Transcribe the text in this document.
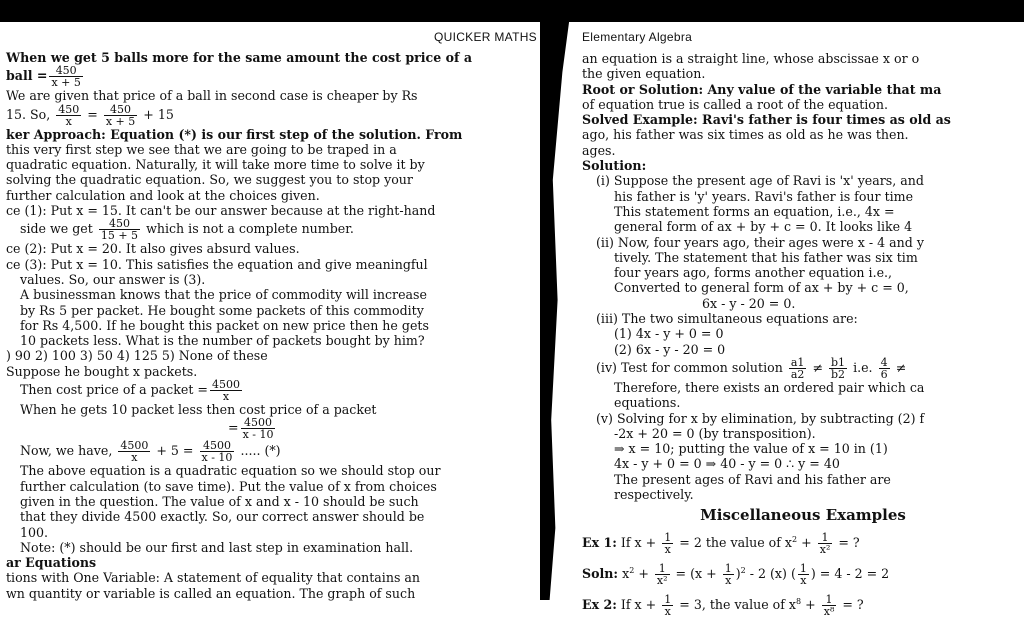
QUICKER MATHS
When we get 5 balls more for the same amount the cost price of a
ball = $\frac{450}{x + 5}$
We are given that price of a ball in second case is cheaper by Rs
15. So, $\frac{450}{x} = \frac{450}{x + 5} + 15$
ker Approach: Equation (*) is our first step of the solution. From
this very first step we see that we are going to be traped in a
quadratic equation. Naturally, it will take more time to solve it by
solving the quadratic equation. So, we suggest you to stop your
further calculation and look at the choices given.
ce (1): Put x = 15. It can't be our answer because at the right-hand
side we get $\frac{450}{15 + 5}$ which is not a complete number.
ce (2): Put x = 20. It also gives absurd values.
ce (3): Put x = 10. This satisfies the equation and give meaningful
values. So, our answer is (3).
A businessman knows that the price of commodity will increase
by Rs 5 per packet. He bought some packets of this commodity
for Rs 4,500. If he bought this packet on new price then he gets
10 packets less. What is the number of packets bought by him?
) 90 2) 100 3) 50 4) 125 5) None of these
Suppose he bought x packets.
Then cost price of a packet = $\frac{4500}{x}$
When he gets 10 packet less then cost price of a packet
= $\frac{4500}{x - 10}$
Now, we have, $\frac{4500}{x} + 5 = \frac{4500}{x - 10}$ ..... (*)
The above equation is a quadratic equation so we should stop our
further calculation (to save time). Put the value of x from choices
given in the question. The value of x and x - 10 should be such
that they divide 4500 exactly. So, our correct answer should be
100.
Note: (*) should be our first and last step in examination hall.
ar Equations
tions with One Variable: A statement of equality that contains an
wn quantity or variable is called an equation. The graph of such
Elementary Algebra
an equation is a straight line, whose abscissae x or o
the given equation.
Root or Solution: Any value of the variable that ma
of equation true is called a root of the equation.
Solved Example: Ravi's father is four times as old as
ago, his father was six times as old as he was then.
ages.
Solution:
(i) Suppose the present age of Ravi is 'x' years, and
his father is 'y' years. Ravi's father is four time
This statement forms an equation, i.e., 4x =
general form of ax + by + c = 0. It looks like 4
(ii) Now, four years ago, their ages were x - 4 and y
tively. The statement that his father was six tim
four years ago, forms another equation i.e.,
Converted to general form of ax + by + c = 0,
6x - y - 20 = 0.
(iii) The two simultaneous equations are:
(1) 4x - y + 0 = 0
(2) 6x - y - 20 = 0
(iv) Test for common solution $\frac{a1}{a2} \ne \frac{b1}{b2} i.e$. $\frac{4}{6}$ ≠
Therefore, there exists an ordered pair which ca
equations.
(v) Solving for x by elimination, by subtracting (2) f
-2x + 20 = 0 (by transposition).
⇒ x = 10; putting the value of x = 10 in (1)
4x - y + 0 = 0 ⇒ 40 - y = 0 ∴ y = 40
The present ages of Ravi and his father are
respectively.
Miscellaneous Examples
Ex 1: If $x + \frac{1}{x} = 2$ the value of $x^2 + \frac{1}{\text{x²}}$ = ?
Soln: $x^2 + \frac{1}{\text{x²}} = (x + \frac{1}{x} )^2 - 2$ (x) ( $\frac{1}{x}$ ) = 4 - 2 = 2
Ex 2: If $x + \frac{1}{x} = 3$, the value of $x^8 + \frac{1}{\text{x⁸}}$ = ?
